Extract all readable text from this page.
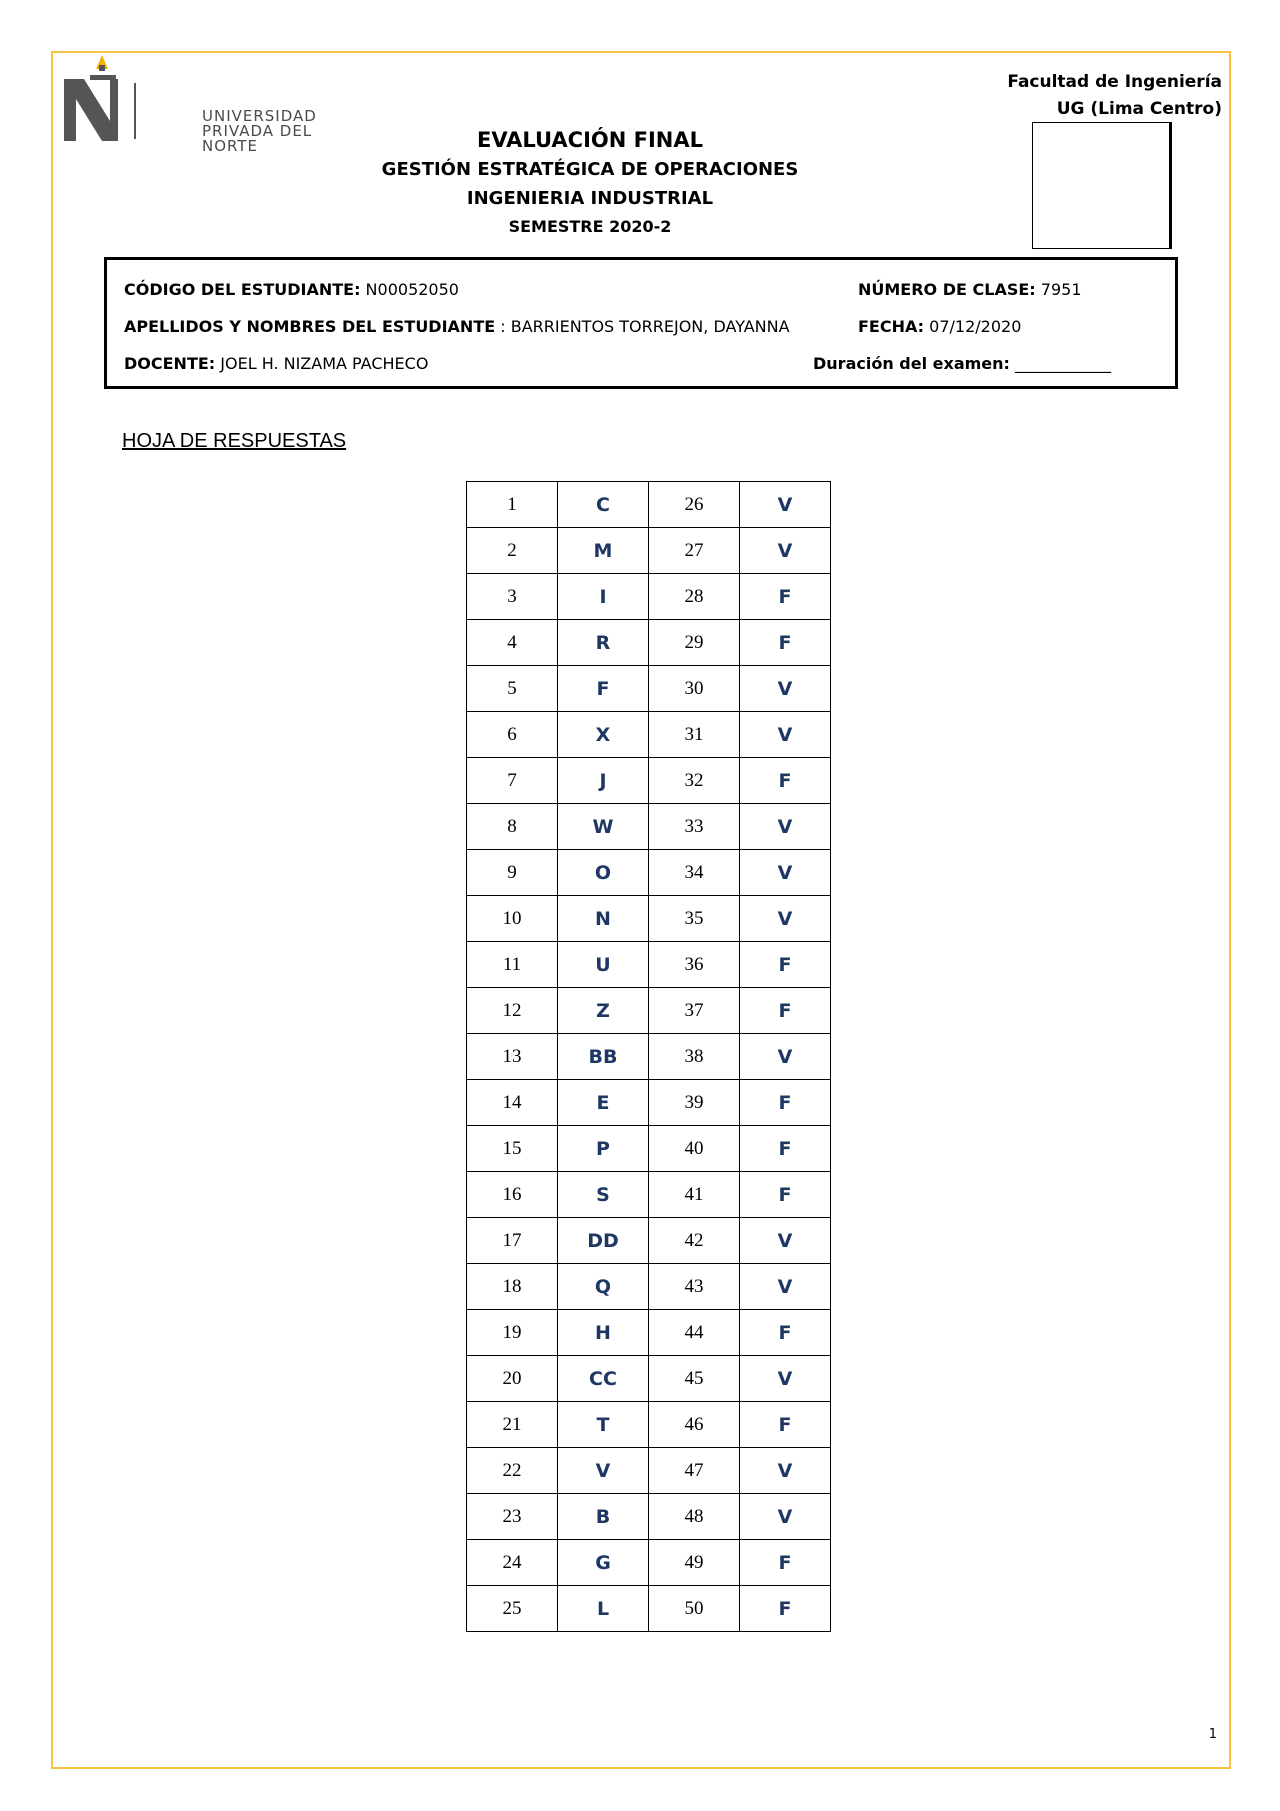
UNIVERSIDAD
PRIVADA DEL NORTE
Facultad de Ingeniería
UG (Lima Centro)
EVALUACIÓN FINAL
GESTIÓN ESTRATÉGICA DE OPERACIONES
INGENIERIA INDUSTRIAL
SEMESTRE 2020-2
CÓDIGO DEL ESTUDIANTE: N00052050	NÚMERO DE CLASE: 7951
APELLIDOS Y NOMBRES DEL ESTUDIANTE : BARRIENTOS TORREJON, DAYANNA	FECHA: 07/12/2020
DOCENTE: JOEL H. NIZAMA PACHECO	Duración del examen: ____________
HOJA DE RESPUESTAS
1	C	26	V
2	M	27	V
3	I	28	F
4	R	29	F
5	F	30	V
6	X	31	V
7	J	32	F
8	W	33	V
9	O	34	V
10	N	35	V
11	U	36	F
12	Z	37	F
13	BB	38	V
14	E	39	F
15	P	40	F
16	S	41	F
17	DD	42	V
18	Q	43	V
19	H	44	F
20	CC	45	V
21	T	46	F
22	V	47	V
23	B	48	V
24	G	49	F
25	L	50	F
1
